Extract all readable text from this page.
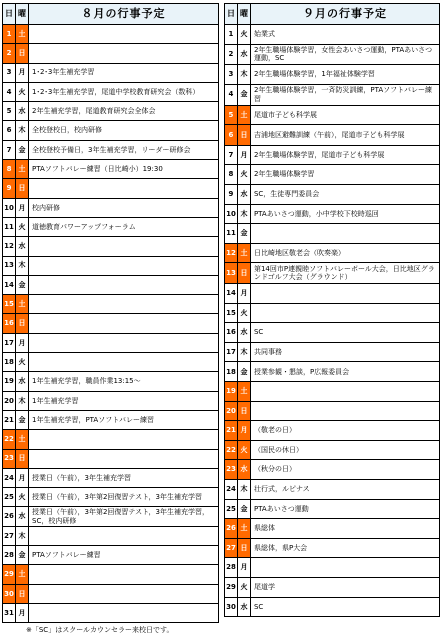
日	曜	８月の行事予定
1	土	
2	日	
3	月	1･2･3年生補充学習
4	火	1･2･3年生補充学習，尾道中学校教育研究会（数科）
5	水	2年生補充学習，尾道教育研究会全体会
6	木	全校登校日，校内研修
7	金	全校登校予備日，3年生補充学習，リーダー研修会
8	土	PTAソフトバレー練習（日比崎小）19:30
9	日	
10	月	校内研修
11	火	道徳教育パワーアップフォーラム
12	水	
13	木	
14	金	
15	土	
16	日	
17	月	
18	火	
19	水	1年生補充学習，職員作業13:15～
20	木	1年生補充学習
21	金	1年生補充学習，PTAソフトバレー練習
22	土	
23	日	
24	月	授業日（午前），3年生補充学習
25	火	授業日（午前），3年第2回復習テスト，3年生補充学習
26	水	授業日（午前），3年第2回復習テスト，3年生補充学習，SC，校内研修
27	木	
28	金	PTAソフトバレー練習
29	土	
30	日	
31	月	
日	曜	９月の行事予定
1	火	始業式
2	水	2年生職場体験学習，女性会あいさつ運動，PTAあいさつ運動，SC
3	木	2年生職場体験学習，1年福祉体験学習
4	金	2年生職場体験学習，一斉防災訓練，PTAソフトバレー練習
5	土	尾道市子ども科学展
6	日	吉浦地区避難訓練（午前），尾道市子ども科学展
7	月	2年生職場体験学習，尾道市子ども科学展
8	火	2年生職場体験学習
9	水	SC，生徒専門委員会
10	木	PTAあいさつ運動，小中学校下校時巡回
11	金	
12	土	日比崎地区敬老会（吹奏楽）
13	日	第14回市P連親睦ソフトバレーボール大会，日比地区グランドゴルフ大会（グラウンド）
14	月	
15	火	
16	水	SC
17	木	共同事務
18	金	授業参観・懇談，P広報委員会
19	土	
20	日	
21	月	（敬老の日）
22	火	（国民の休日）
23	水	（秋分の日）
24	木	壮行式，ルピナス
25	金	PTAあいさつ運動
26	土	県総体
27	日	県総体，県P大会
28	月	
29	火	尾道学
30	水	SC
※「SC」はスクールカウンセラー来校日です。
